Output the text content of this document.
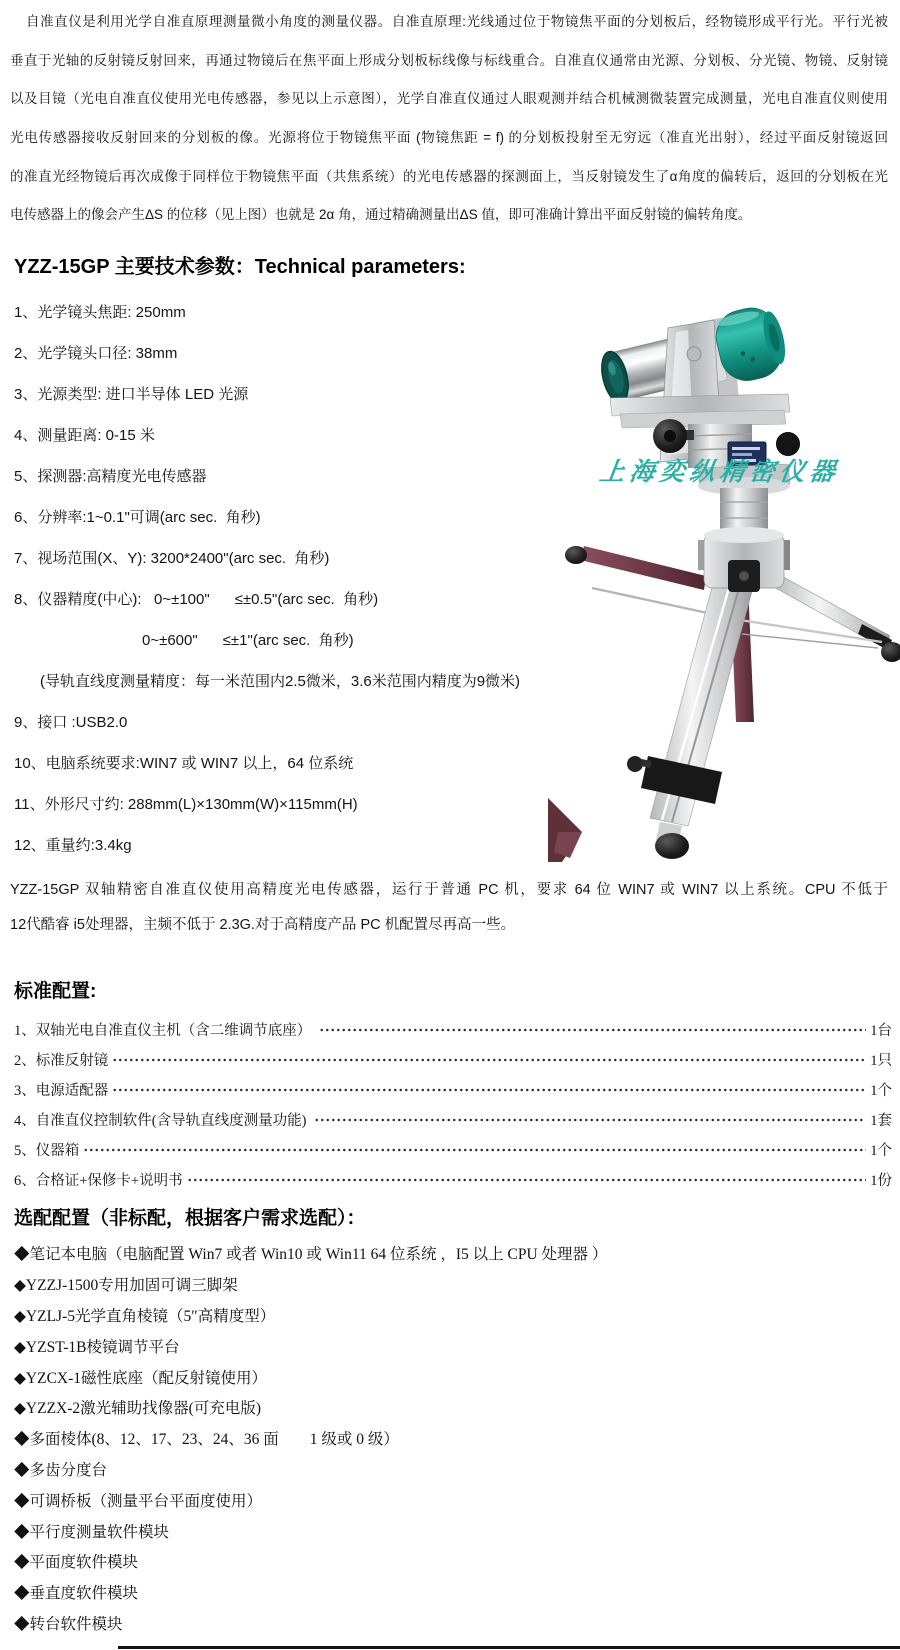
自准直仪是利用光学自准直原理测量微小角度的测量仪器。自准直原理:光线通过位于物镜焦平面的分划板后，经物镜形成平行光。平行光被
垂直于光轴的反射镜反射回来，再通过物镜后在焦平面上形成分划板标线像与标线重合。自准直仪通常由光源、分划板、分光镜、物镜、反射镜
以及目镜（光电自准直仪使用光电传感器，参见以上示意图），光学自准直仪通过人眼观测并结合机械测微装置完成测量，光电自准直仪则使用
光电传感器接收反射回来的分划板的像。光源将位于物镜焦平面 (物镜焦距 = f) 的分划板投射至无穷远（准直光出射），经过平面反射镜返回
的准直光经物镜后再次成像于同样位于物镜焦平面（共焦系统）的光电传感器的探测面上，当反射镜发生了α角度的偏转后，返回的分划板在光
电传感器上的像会产生ΔS 的位移（见上图）也就是 2α 角，通过精确测量出ΔS 值，即可准确计算出平面反射镜的偏转角度。
YZZ-15GP 主要技术参数：Technical parameters:
1、光学镜头焦距: 250mm
2、光学镜头口径: 38mm
3、光源类型: 进口半导体 LED 光源
4、测量距离: 0-15 米
5、探测器:高精度光电传感器
6、分辨率:1~0.1"可调(arc sec.  角秒)
7、视场范围(X、Y): 3200*2400"(arc sec.  角秒)
8、仪器精度(中心):   0~±100"      ≤±0.5"(arc sec.  角秒)
0~±600"      ≤±1"(arc sec.  角秒)
(导轨直线度测量精度：每一米范围内2.5微米，3.6米范围内精度为9微米)
9、接口 :USB2.0
10、电脑系统要求:WIN7 或 WIN7 以上，64 位系统
11、外形尺寸约: 288mm(L)×130mm(W)×115mm(H)
12、重量约:3.4kg
上海奕纵精密仪器
YZZ-15GP 双轴精密自准直仪使用高精度光电传感器，运行于普通 PC 机，要求 64 位 WIN7 或 WIN7 以上系统。CPU 不低于
12代酷睿 i5处理器，主频不低于 2.3G.对于高精度产品 PC 机配置尽再高一些。
标准配置:
1、双轴光电自准直仪主机（含二维调节底座）	1台
2、标准反射镜	1只
3、电源适配器	1个
4、自准直仪控制软件(含导轨直线度测量功能)	1套
5、仪器箱	1个
6、合格证+保修卡+说明书	1份
选配配置（非标配，根据客户需求选配）：
◆笔记本电脑（电脑配置 Win7 或者 Win10 或 Win11 64 位系统 ，I5 以上 CPU 处理器 ）
◆YZZJ-1500专用加固可调三脚架
◆YZLJ-5光学直角棱镜（5″高精度型）
◆YZST-1B棱镜调节平台
◆YZCX-1磁性底座（配反射镜使用）
◆YZZX-2激光辅助找像器(可充电版)
◆多面棱体(8、12、17、23、24、36 面　　1 级或 0 级）
◆多齿分度台
◆可调桥板（测量平台平面度使用）
◆平行度测量软件模块
◆平面度软件模块
◆垂直度软件模块
◆转台软件模块
